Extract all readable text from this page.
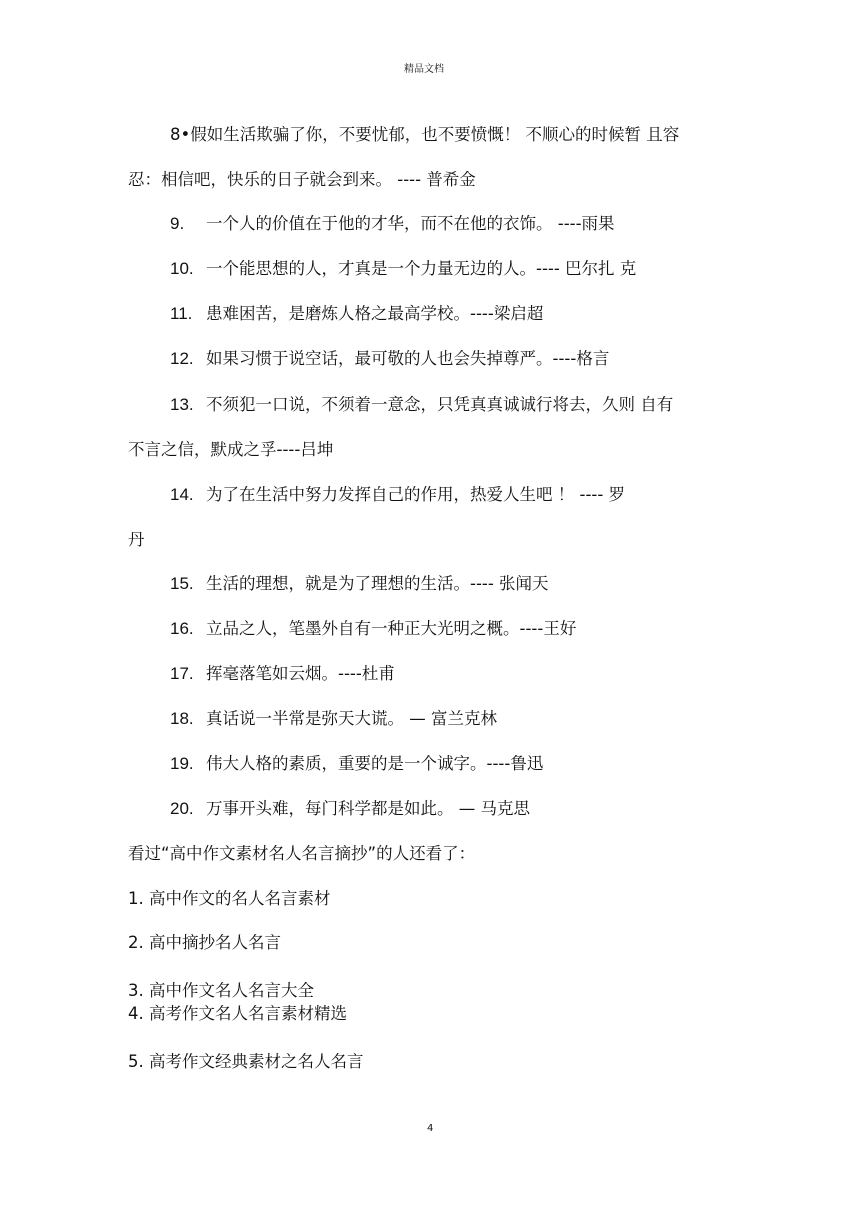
精品文档
8•假如生活欺骗了你，不要忧郁，也不要愤慨！ 不顺心的时候暂 且容
忍：相信吧，快乐的日子就会到来。 ---- 普希金
9. 一个人的价值在于他的才华，而不在他的衣饰。 ----雨果
10. 一个能思想的人，才真是一个力量无边的人。---- 巴尔扎 克
11. 患难困苦，是磨炼人格之最高学校。----梁启超
12. 如果习惯于说空话，最可敬的人也会失掉尊严。----格言
13. 不须犯一口说，不须着一意念，只凭真真诚诚行将去，久则 自有
不言之信，默成之孚----吕坤
14. 为了在生活中努力发挥自己的作用，热爱人生吧 ！ ---- 罗
丹
15. 生活的理想，就是为了理想的生活。---- 张闻天
16. 立品之人，笔墨外自有一种正大光明之概。----王好
17. 挥毫落笔如云烟。----杜甫
18. 真话说一半常是弥天大谎。 — 富兰克林
19. 伟大人格的素质，重要的是一个诚字。----鲁迅
20. 万事开头难，每门科学都是如此。 — 马克思
看过“高中作文素材名人名言摘抄”的人还看了：
1. 高中作文的名人名言素材
2. 高中摘抄名人名言
3. 高中作文名人名言大全
4. 高考作文名人名言素材精选
5. 高考作文经典素材之名人名言
4
